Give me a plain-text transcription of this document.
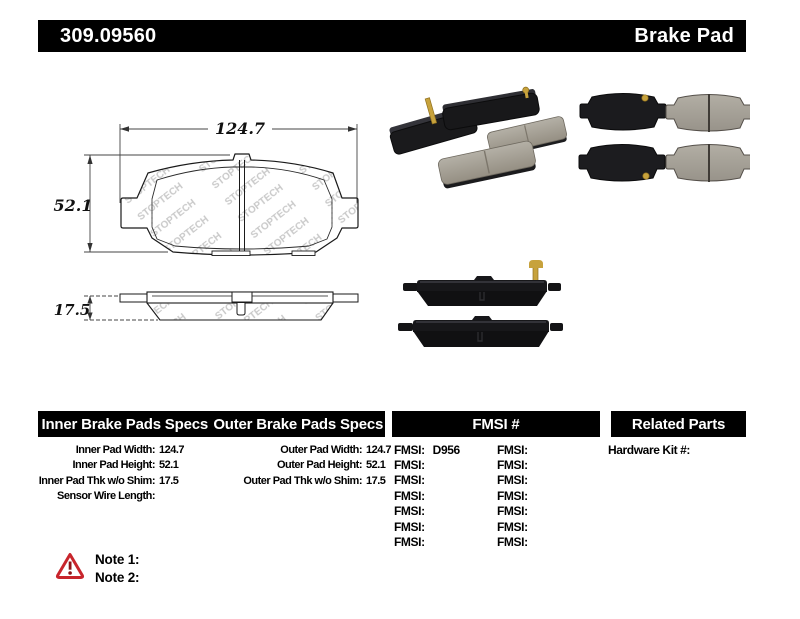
309.09560	Brake Pad
124.7
52.1
17.5
Inner Brake Pads Specs Outer Brake Pads Specs	FMSI #	Related Parts
Inner Pad Width: 124.7
Inner Pad Height: 52.1
Inner Pad Thk w/o Shim: 17.5
Sensor Wire Length:
Outer Pad Width: 124.7
Outer Pad Height: 52.1
Outer Pad Thk w/o Shim: 17.5
FMSI: D956	FMSI:
FMSI:	FMSI:
FMSI:	FMSI:
FMSI:	FMSI:
FMSI:	FMSI:
FMSI:	FMSI:
FMSI:	FMSI:
Hardware Kit #:
Note 1:
Note 2:
